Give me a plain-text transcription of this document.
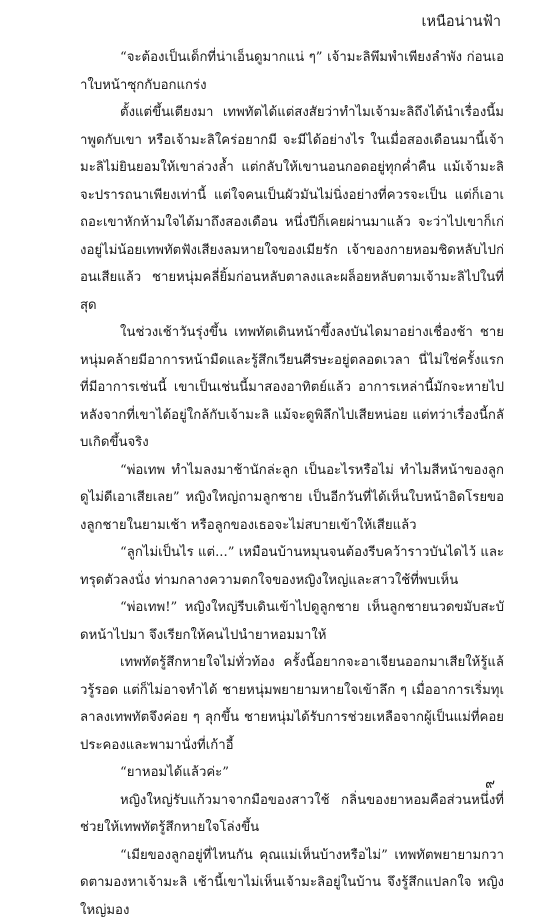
เหนือน่านฟ้า

“จะต้องเป็นเด็กที่น่าเอ็นดูมากแน่ ๆ” เจ้ามะลิพึมพำเพียงลำพัง ก่อนเอาใบหน้าซุกกับอกแกร่ง

ตั้งแต่ขึ้นเตียงมา เทพทัตได้แต่สงสัยว่าทำไมเจ้ามะลิถึงได้นำเรื่องนี้มาพูดกับเขา หรือเจ้ามะลิใคร่อยากมี จะมีได้อย่างไร ในเมื่อสองเดือนมานี้เจ้ามะลิไม่ยินยอมให้เขาล่วงล้ำ แต่กลับให้เขานอนกอดอยู่ทุกค่ำคืน แม้เจ้ามะลิจะปรารถนาเพียงเท่านี้ แต่ใจคนเป็นผัวมันไม่นิ่งอย่างที่ควรจะเป็น แต่ก็เอาเถอะเขาหักห้ามใจได้มาถึงสองเดือน หนึ่งปีก็เคยผ่านมาแล้ว จะว่าไปเขาก็เก่งอยู่ไม่น้อยเทพทัตฟังเสียงลมหายใจของเมียรัก เจ้าของกายหอมชิดหลับไปก่อนเสียแล้ว ชายหนุ่มคลี่ยิ้มก่อนหลับตาลงและผล็อยหลับตามเจ้ามะลิไปในที่สุด

ในช่วงเช้าวันรุ่งขึ้น เทพทัตเดินหน้าขึ้งลงบันไดมาอย่างเชื่องช้า ชายหนุ่มคล้ายมีอาการหน้ามืดและรู้สึกเวียนศีรษะอยู่ตลอดเวลา นี่ไม่ใช่ครั้งแรกที่มีอาการเช่นนี้ เขาเป็นเช่นนี้มาสองอาทิตย์แล้ว อาการเหล่านี้มักจะหายไปหลังจากที่เขาได้อยู่ใกล้กับเจ้ามะลิ แม้จะดูพิลึกไปเสียหน่อย แต่ทว่าเรื่องนี้กลับเกิดขึ้นจริง

“พ่อเทพ ทำไมลงมาช้านักล่ะลูก เป็นอะไรหรือไม่ ทำไมสีหน้าของลูกดูไม่ดีเอาเสียเลย” หญิงใหญ่ถามลูกชาย เป็นอีกวันที่ได้เห็นใบหน้าอิดโรยของลูกชายในยามเช้า หรือลูกของเธอจะไม่สบายเข้าให้เสียแล้ว

“ลูกไม่เป็นไร แต่...” เหมือนบ้านหมุนจนต้องรีบคว้าราวบันไดไว้ และทรุดตัวลงนั่ง ท่ามกลางความตกใจของหญิงใหญ่และสาวใช้ที่พบเห็น

“พ่อเทพ!” หญิงใหญ่รีบเดินเข้าไปดูลูกชาย เห็นลูกชายนวดขมับสะบัดหน้าไปมา จึงเรียกให้คนไปนำยาหอมมาให้

เทพทัตรู้สึกหายใจไม่ทั่วท้อง ครั้งนี้อยากจะอาเจียนออกมาเสียให้รู้แล้วรู้รอด แต่ก็ไม่อาจทำได้ ชายหนุ่มพยายามหายใจเข้าลึก ๆ เมื่ออาการเริ่มทุเลาลงเทพทัตจึงค่อย ๆ ลุกขึ้น ชายหนุ่มได้รับการช่วยเหลือจากผู้เป็นแม่ที่คอยประคองและพามานั่งที่เก้าอี้

“ยาหอมได้แล้วค่ะ”

หญิงใหญ่รับแก้วมาจากมือของสาวใช้ กลิ่นของยาหอมคือส่วนหนึ่งที่ช่วยให้เทพทัตรู้สึกหายใจโล่งขึ้น

“เมียของลูกอยู่ที่ไหนกัน คุณแม่เห็นบ้างหรือไม่” เทพทัตพยายามกวาดตามองหาเจ้ามะลิ เช้านี้เขาไม่เห็นเจ้ามะลิอยู่ในบ้าน จึงรู้สึกแปลกใจ หญิงใหญ่มอง

๙
